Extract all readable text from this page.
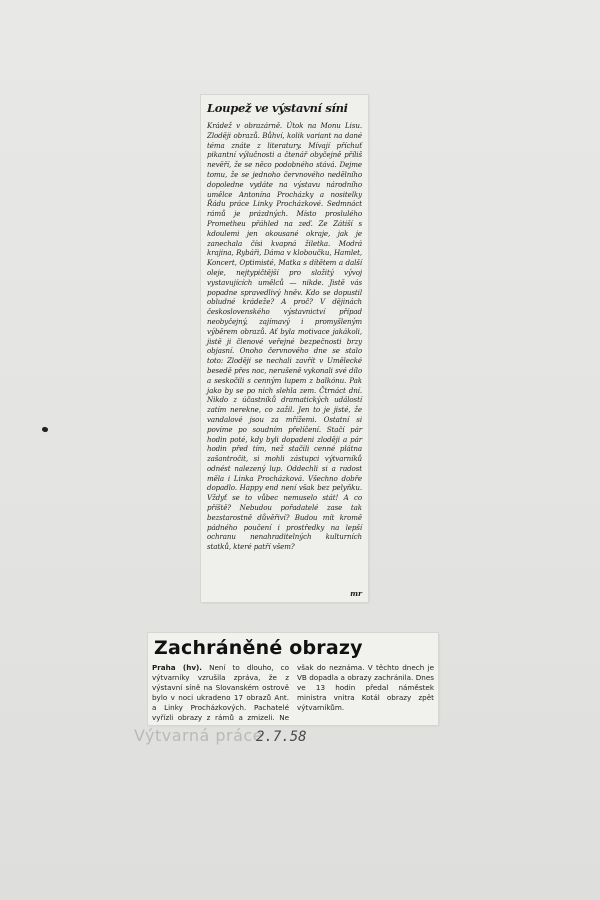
Loupež ve výstavní síni
Krádež v obrazárně. Útok na Monu Lisu. Zloději obrazů. Bůhví, kolik variant na dané téma znáte z literatury. Mívají příchuť pikantní výlučnosti a čtenář obyčejně příliš nevěří, že se něco podobného stává. Dejme tomu, že se jednoho červnového nedělního dopoledne vydáte na výstavu národního umělce Antonína Procházky a nositelky Řádu práce Linky Procházkové. Sedmnáct rámů je prázdných. Místo proslulého Prometheu přáhled na zeď. Ze Zátiší s kdoulemi jen okousané okraje, jak je zanechala čísi kvapná žiletka. Modrá krajina, Rybáři, Dáma v kloboučku, Hamlet, Koncert, Optimisté, Matka s dítětem a další oleje, nejtypičtější pro složitý vývoj vystavujících umělců — nikde. Jistě vás popadne spravedlivý hněv. Kdo se dopustil obludné krádeže? A proč? V dějinách československého výstavnictví případ neobyčejný, zajímavý i promyšleným výběrem obrazů. Ať byla motivace jakákoli, jistě ji členové veřejné bezpečnosti brzy objasní. Onoho červnového dne se stalo toto: Zloději se nechali zavřít v Umělecké besedě přes noc, nerušeně vykonali své dílo a seskočili s cenným lupem z balkónu. Pak jako by se po nich slehla zem. Čtrnáct dní. Nikdo z účastníků dramatických událostí zatím nerekne, co zažil. Jen to je jisté, že vandalové jsou za mřížemi. Ostatní si povíme po soudním přelíčení. Stačí pár hodin poté, kdy byli dopadeni zloději a pár hodin před tím, než stačili cenné plátna zašantročit, si mohli zástupci výtvarníků odnést nalezený lup. Oddechli si a radost měla i Linka Procházková. Všechno dobře dopadlo. Happy end není však bez pelyňku. Vždyť se to vůbec nemuselo stát! A co příště? Nebudou pořadatelé zase tak bezstarostně důvěřiví? Budou mít kromě pádného poučení i prostředky na lepší ochranu nenahraditelných kulturních statků, které patří všem?
mr
Zachráněné obrazy
Praha (hv). Není to dlouho, co výtvarníky vzrušila zpráva, že z výstavní síně na Slovanském ostrově bylo v noci ukradeno 17 obrazů Ant. a Linky Procházkových. Pachatelé vyřízli obrazy z rámů a zmizeli. Ne však do neznáma. V těchto dnech je VB dopadla a obrazy zachránila. Dnes ve 13 hodin předal náměstek ministra vnitra Kotál obrazy zpět výtvarníkům.
Výtvarná práce
2.7.58
